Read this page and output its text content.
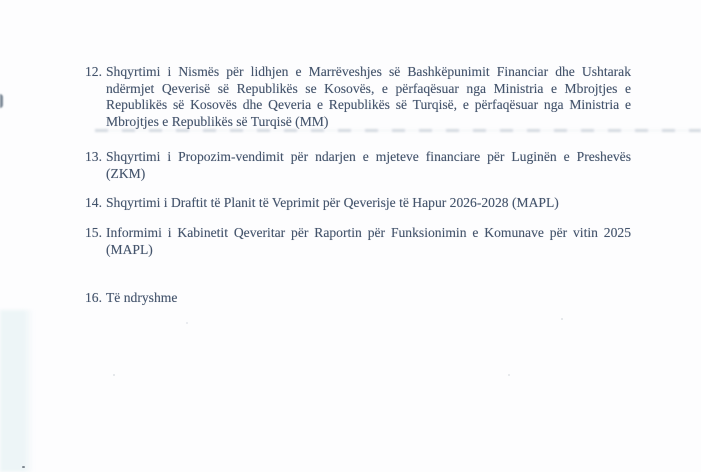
12. Shqyrtimi i Nismës për lidhjen e Marrëveshjes së Bashkëpunimit Financiar dhe Ushtarak
ndërmjet Qeverisë së Republikës se Kosovës, e përfaqësuar nga Ministria e Mbrojtjes e
Republikës së Kosovës dhe Qeveria e Republikës së Turqisë, e përfaqësuar nga Ministria e
Mbrojtjes e Republikës së Turqisë (MM)
13. Shqyrtimi i Propozim-vendimit për ndarjen e mjeteve financiare për Luginën e Preshevës
(ZKM)
14. Shqyrtimi i Draftit të Planit të Veprimit për Qeverisje të Hapur 2026-2028 (MAPL)
15. Informimi i Kabinetit Qeveritar për Raportin për Funksionimin e Komunave për vitin 2025
(MAPL)
16. Të ndryshme
